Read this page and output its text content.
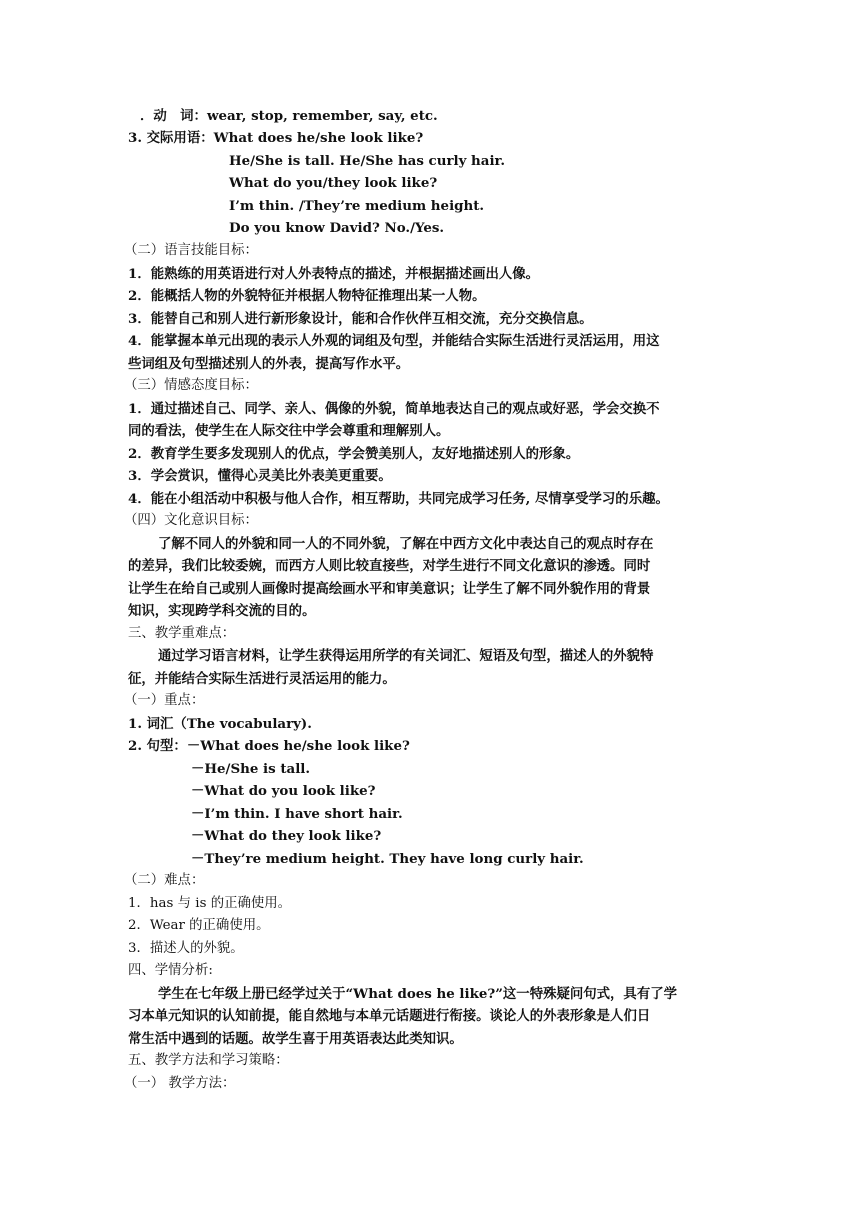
．动　词：wear, stop, remember, say, etc.
3. 交际用语：What does he/she look like?
He/She is tall. He/She has curly hair.
What do you/they look like?
I’m thin. /They’re medium height.
Do you know David? No./Yes.
（二）语言技能目标：
1．能熟练的用英语进行对人外表特点的描述，并根据描述画出人像。
2．能概括人物的外貌特征并根据人物特征推理出某一人物。
3．能替自己和别人进行新形象设计，能和合作伙伴互相交流，充分交换信息。
4．能掌握本单元出现的表示人外观的词组及句型，并能结合实际生活进行灵活运用，用这
些词组及句型描述别人的外表，提高写作水平。
（三）情感态度目标：
1．通过描述自己、同学、亲人、偶像的外貌，简单地表达自己的观点或好恶，学会交换不
同的看法，使学生在人际交往中学会尊重和理解别人。
2．教育学生要多发现别人的优点，学会赞美别人，友好地描述别人的形象。
3．学会赏识，懂得心灵美比外表美更重要。
4．能在小组活动中积极与他人合作，相互帮助，共同完成学习任务, 尽情享受学习的乐趣。
（四）文化意识目标：
了解不同人的外貌和同一人的不同外貌，了解在中西方文化中表达自己的观点时存在
的差异，我们比较委婉，而西方人则比较直接些，对学生进行不同文化意识的渗透。同时
让学生在给自己或别人画像时提高绘画水平和审美意识；让学生了解不同外貌作用的背景
知识，实现跨学科交流的目的。
三、教学重难点：
通过学习语言材料，让学生获得运用所学的有关词汇、短语及句型，描述人的外貌特
征，并能结合实际生活进行灵活运用的能力。
（一）重点：
1. 词汇（The vocabulary).
2. 句型：－What does he/she look like?
－He/She is tall.
－What do you look like?
－I’m thin. I have short hair.
－What do they look like?
－They’re medium height. They have long curly hair.
（二）难点：
1．has 与 is 的正确使用。
2．Wear 的正确使用。
3．描述人的外貌。
四、学情分析:
学生在七年级上册已经学过关于“What does he like?”这一特殊疑问句式，具有了学
习本单元知识的认知前提，能自然地与本单元话题进行衔接。谈论人的外表形象是人们日
常生活中遇到的话题。故学生喜于用英语表达此类知识。
五、教学方法和学习策略：
（一） 教学方法：
